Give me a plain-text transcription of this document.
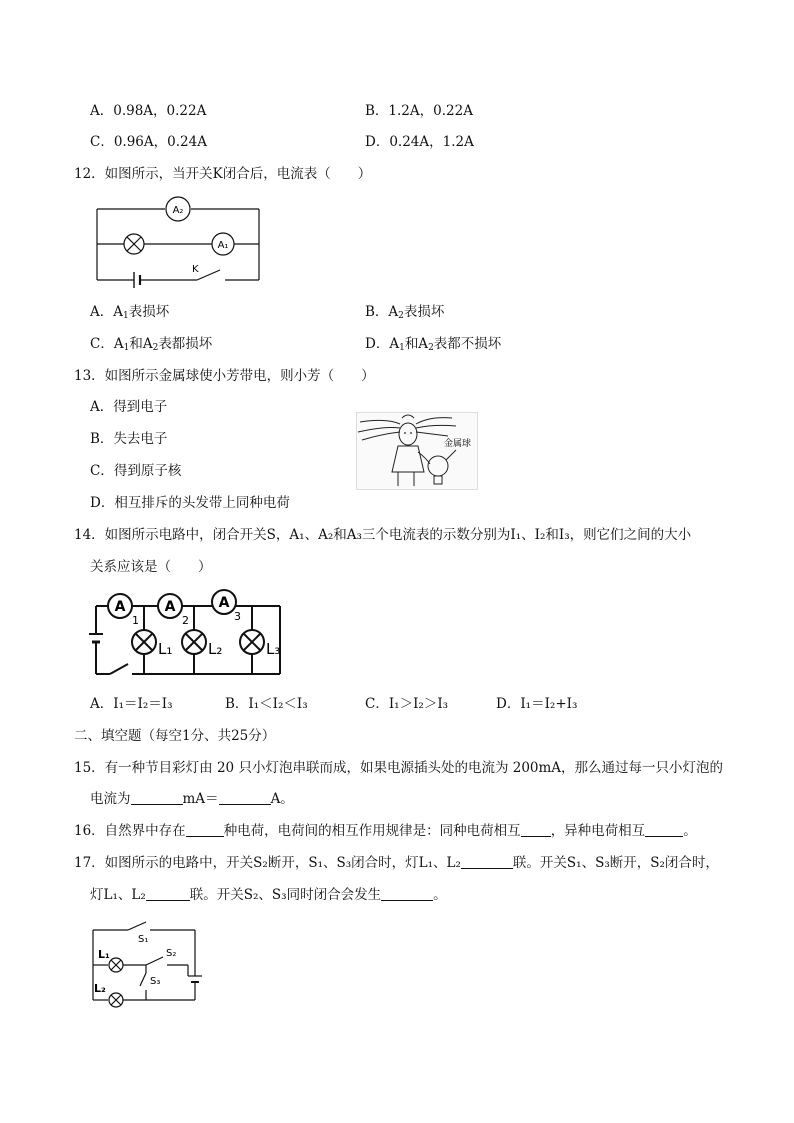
A．0.98A，0.22A	B．1.2A，0.22A
C．0.96A，0.24A	D．0.24A，1.2A
12．如图所示，当开关K闭合后，电流表（　　）
A₂
A₁
K
A．$A_1$表损坏	B．$A_2$表损坏
C．$A_1$和$A_2$表都损坏	D．$A_1$和$A_2$表都不损坏
13．如图所示金属球使小芳带电，则小芳（　　）
A．得到电子
B．失去电子
C．得到原子核
D．相互排斥的头发带上同种电荷
金属球
14．如图所示电路中，闭合开关S，A₁、A₂和A₃三个电流表的示数分别为I₁、I₂和I₃，则它们之间的大小
关系应该是（　　）
A
1
A
2
A
3
L₁ L₂	L₃
A．I₁＝I₂＝I₃	B．I₁＜I₂＜I₃	C．I₁＞I₂＞I₃	D．I₁＝I₂+I₃
二、填空题（每空1分、共25分）
15．有一种节目彩灯由 20 只小灯泡串联而成，如果电源插头处的电流为 200mA，那么通过每一只小灯泡的
电流为	mA＝	A。
16．自然界中存在	种电荷，电荷间的相互作用规律是：同种电荷相互 ，异种电荷相互	。
17．如图所示的电路中，开关S₂断开，S₁、S₃闭合时，灯L₁、L₂	联。开关S₁、S₃断开，S₂闭合时，
灯L₁、L₂	联。开关S₂、S₃同时闭合会发生	。
S₁
S₂
S₃
L₁
L₂
